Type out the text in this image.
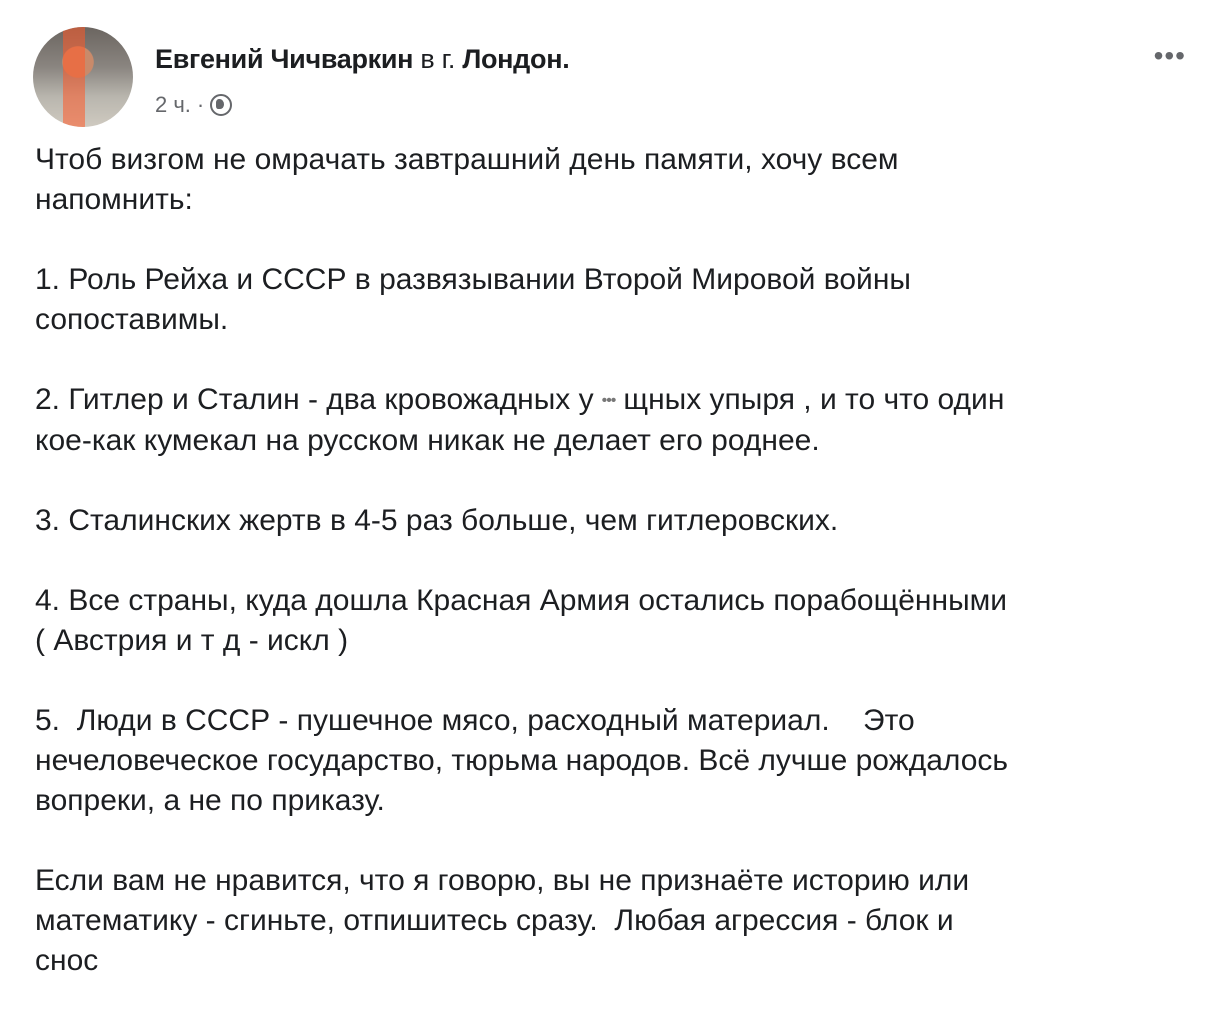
Евгений Чичваркин в г. Лондон.
2 ч. ·
•••
Чтоб визгом не омрачать завтрашний день памяти, хочу всем
напомнить:
1. Роль Рейха и СССР в развязывании Второй Мировой войны
сопоставимы.
2. Гитлер и Сталин - два кровожадных у ••• щных упыря , и то что один
кое-как кумекал на русском никак не делает его роднее.
3. Сталинских жертв в 4-5 раз больше, чем гитлеровских.
4. Все страны, куда дошла Красная Армия остались порабощёнными
( Австрия и т д - искл )
5.  Люди в СССР - пушечное мясо, расходный материал.    Это
нечеловеческое государство, тюрьма народов. Всё лучше рождалось
вопреки, а не по приказу.
Если вам не нравится, что я говорю, вы не признаёте историю или
математику - сгиньте, отпишитесь сразу.  Любая агрессия - блок и
снос
